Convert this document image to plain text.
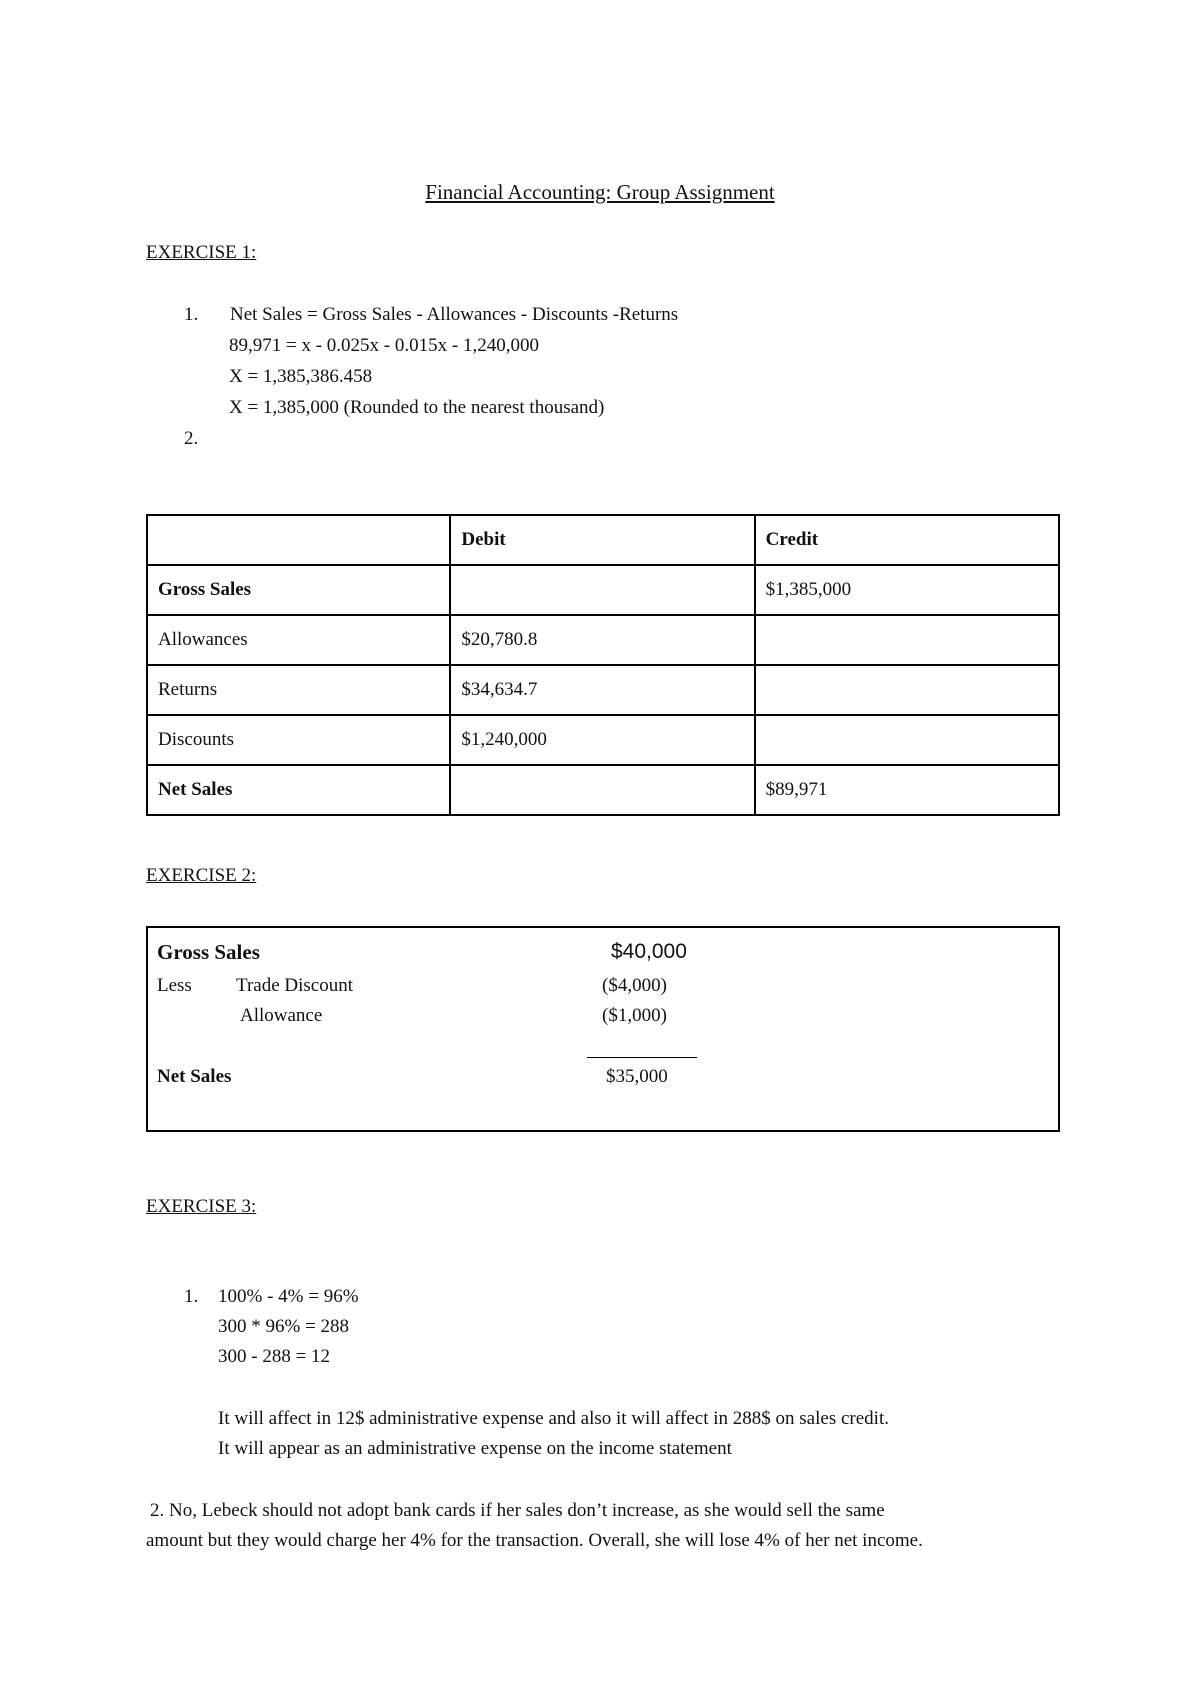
Financial Accounting: Group Assignment
EXERCISE 1:
1. Net Sales = Gross Sales - Allowances - Discounts -Returns
89,971 = x - 0.025x - 0.015x - 1,240,000
X = 1,385,386.458
X = 1,385,000 (Rounded to the nearest thousand)
2.
	Debit	Credit
Gross Sales		$1,385,000
Allowances	$20,780.8	
Returns	$34,634.7	
Discounts	$1,240,000	
Net Sales		$89,971
EXERCISE 2:
Gross Sales	$40,000
Less Trade Discount	($4,000)
Allowance	($1,000)
Net Sales	$35,000
EXERCISE 3:
1. 100% - 4% = 96%
300 * 96% = 288
300 - 288 = 12
It will affect in 12$ administrative expense and also it will affect in 288$ on sales credit.
It will appear as an administrative expense on the income statement
2. No, Lebeck should not adopt bank cards if her sales don’t increase, as she would sell the same
amount but they would charge her 4% for the transaction. Overall, she will lose 4% of her net income.
